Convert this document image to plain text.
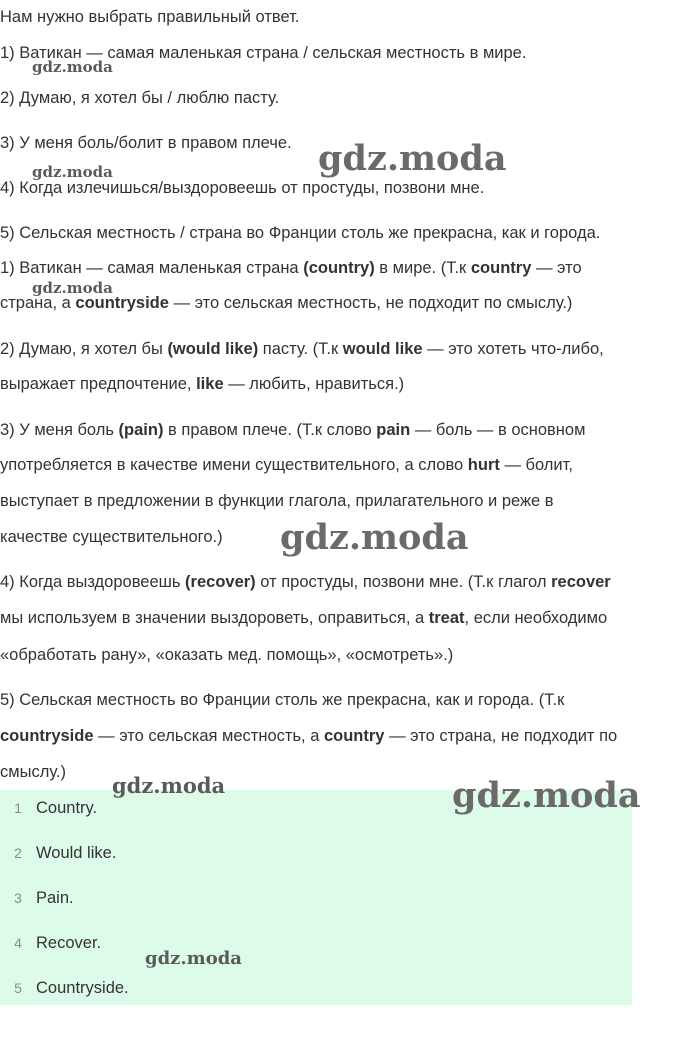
Нам нужно выбрать правильный ответ.
1) Ватикан — самая маленькая страна / сельская местность в мире.
2) Думаю, я хотел бы / люблю пасту.
3) У меня боль/болит в правом плече.
4) Когда излечишься/выздоровеешь от простуды, позвони мне.
5) Сельская местность / страна во Франции столь же прекрасна, как и города.
1) Ватикан — самая маленькая страна (country) в мире. (Т.к country — это
страна, а countryside — это сельская местность, не подходит по смыслу.)
2) Думаю, я хотел бы (would like) пасту. (Т.к would like — это хотеть что-либо,
выражает предпочтение, like — любить, нравиться.)
3) У меня боль (pain) в правом плече. (Т.к слово pain — боль — в основном
употребляется в качестве имени существительного, а слово hurt — болит,
выступает в предложении в функции глагола, прилагательного и реже в
качестве существительного.)
4) Когда выздоровеешь (recover) от простуды, позвони мне. (Т.к глагол recover
мы используем в значении выздороветь, оправиться, а treat, если необходимо
«обработать рану», «оказать мед. помощь», «осмотреть».)
5) Сельская местность во Франции столь же прекрасна, как и города. (Т.к
countryside — это сельская местность, а country — это страна, не подходит по
смыслу.)
1 Country.
2 Would like.
3 Pain.
4 Recover.
5 Countryside.
gdz.moda
gdz.moda
gdz.moda
gdz.moda
gdz.moda
gdz.moda	gdz.moda
gdz.moda
